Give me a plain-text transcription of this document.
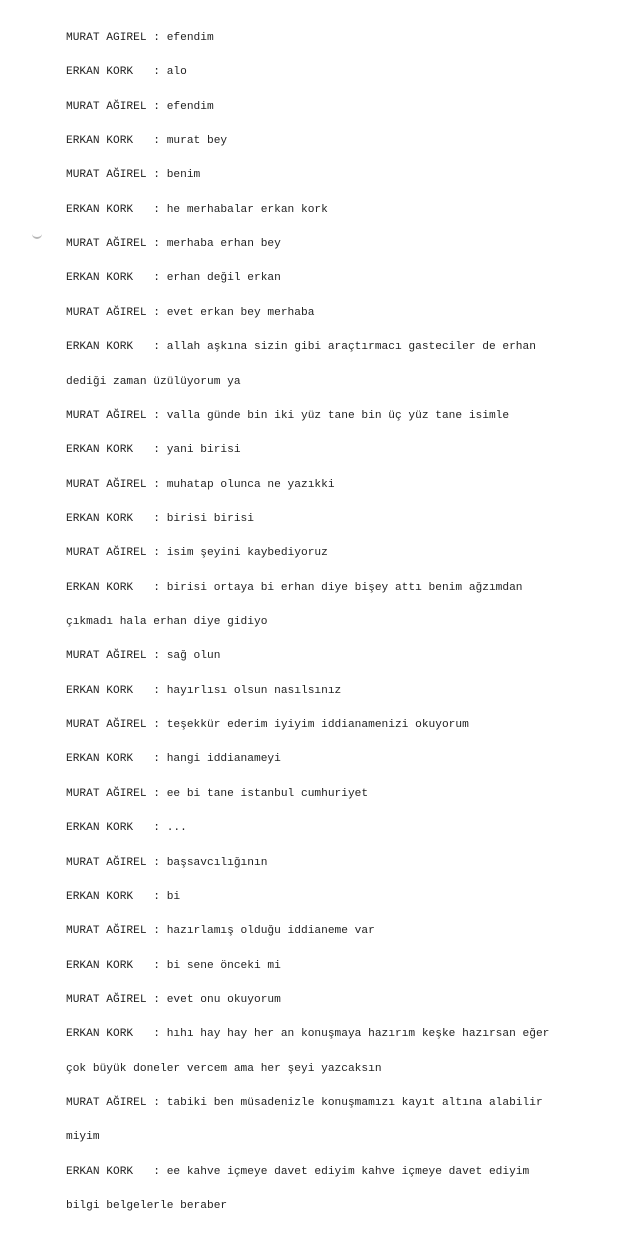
MURAT AGIREL : efendim

ERKAN KORK   : alo

MURAT AĞIREL : efendim

ERKAN KORK   : murat bey

MURAT AĞIREL : benim

ERKAN KORK   : he merhabalar erkan kork

MURAT AĞIREL : merhaba erhan bey

ERKAN KORK   : erhan değil erkan

MURAT AĞIREL : evet erkan bey merhaba

ERKAN KORK   : allah aşkına sizin gibi araçtırmacı gasteciler de erhan

dediği zaman üzülüyorum ya

MURAT AĞIREL : valla günde bin iki yüz tane bin üç yüz tane isimle

ERKAN KORK   : yani birisi

MURAT AĞIREL : muhatap olunca ne yazıkki

ERKAN KORK   : birisi birisi

MURAT AĞIREL : isim şeyini kaybediyoruz

ERKAN KORK   : birisi ortaya bi erhan diye bişey attı benim ağzımdan

çıkmadı hala erhan diye gidiyo

MURAT AĞIREL : sağ olun

ERKAN KORK   : hayırlısı olsun nasılsınız

MURAT AĞIREL : teşekkür ederim iyiyim iddianamenizi okuyorum

ERKAN KORK   : hangi iddianameyi

MURAT AĞIREL : ee bi tane istanbul cumhuriyet

ERKAN KORK   : ...

MURAT AĞIREL : başsavcılığının

ERKAN KORK   : bi

MURAT AĞIREL : hazırlamış olduğu iddianeme var

ERKAN KORK   : bi sene önceki mi

MURAT AĞIREL : evet onu okuyorum

ERKAN KORK   : hıhı hay hay her an konuşmaya hazırım keşke hazırsan eğer

çok büyük doneler vercem ama her şeyi yazcaksın

MURAT AĞIREL : tabiki ben müsadenizle konuşmamızı kayıt altına alabilir

miyim

ERKAN KORK   : ee kahve içmeye davet ediyim kahve içmeye davet ediyim

bilgi belgelerle beraber
